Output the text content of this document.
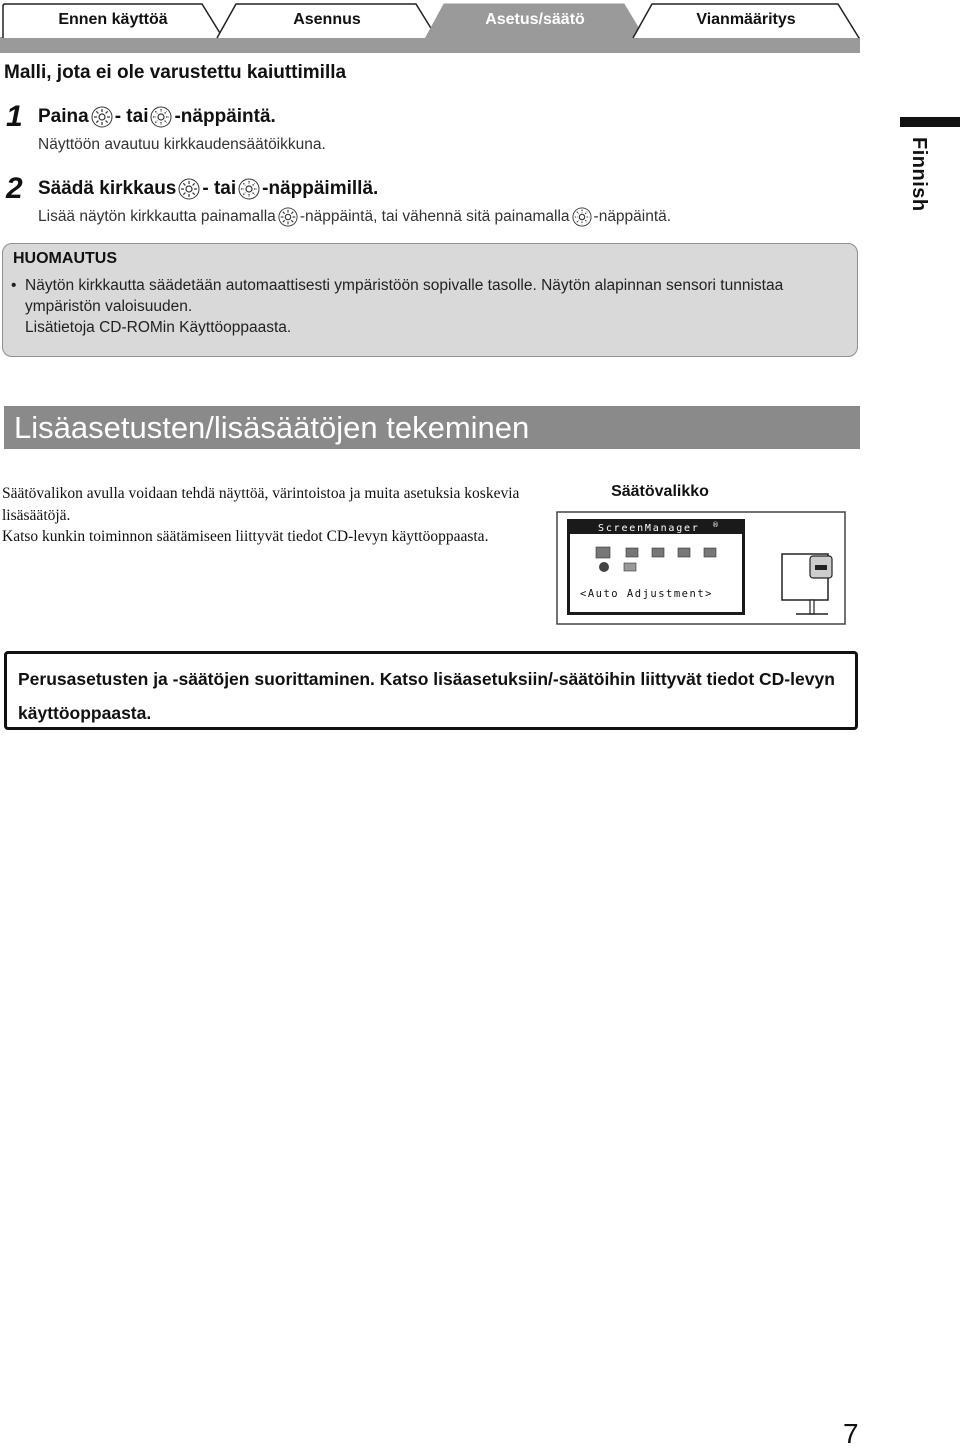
Ennen käyttöä	Asennus	Asetus/säätö	Vianmääritys
Finnish
Malli, jota ei ole varustettu kaiuttimilla
1 Paina - tai -näppäintä.
Näyttöön avautuu kirkkaudensäätöikkuna.
2 Säädä kirkkaus - tai -näppäimillä.
Lisää näytön kirkkautta painamalla -näppäintä, tai vähennä sitä painamalla -näppäintä.
HUOMAUTUS
• Näytön kirkkautta säädetään automaattisesti ympäristöön sopivalle tasolle. Näytön alapinnan sensori tunnistaa ympäristön valoisuuden.
Lisätietoja CD-ROMin Käyttöoppaasta.
Lisäasetusten/lisäsäätöjen tekeminen
Säätövalikon avulla voidaan tehdä näyttöä, värintoistoa ja muita asetuksia koskevia lisäsäätöjä.
Katso kunkin toiminnon säätämiseen liittyvät tiedot CD-levyn käyttöoppaasta.
Säätövalikko
ScreenManager ®
<Auto Adjustment>
Perusasetusten ja -säätöjen suorittaminen. Katso lisäasetuksiin/-säätöihin liittyvät tiedot CD-levyn käyttöoppaasta.
7
